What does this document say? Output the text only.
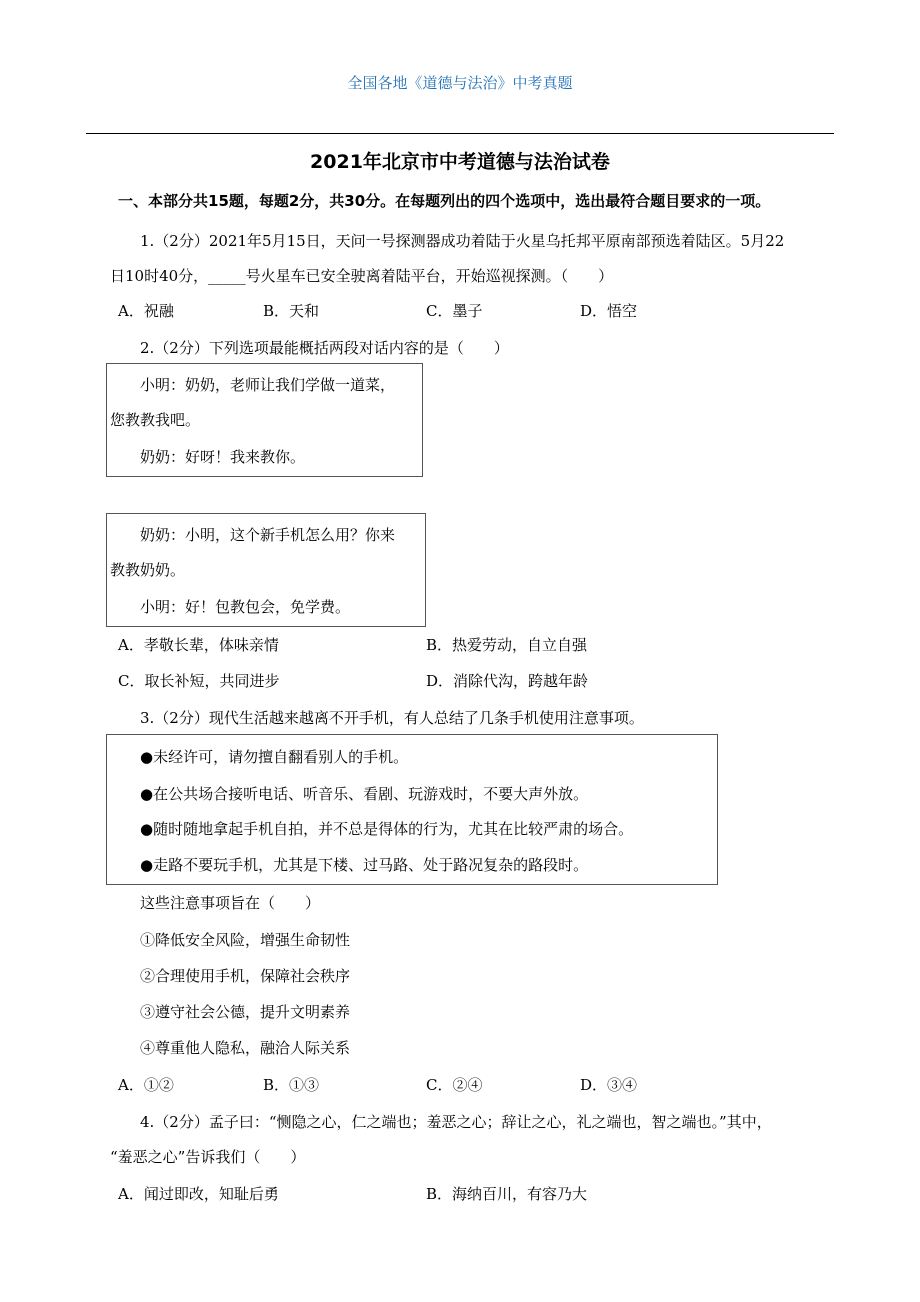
全国各地《道德与法治》中考真题
2021年北京市中考道德与法治试卷
一、本部分共15题，每题2分，共30分。在每题列出的四个选项中，选出最符合题目要求的一项。
1.（2分）2021年5月15日，天问一号探测器成功着陆于火星乌托邦平原南部预选着陆区。5月22
日10时40分，_____号火星车已安全驶离着陆平台，开始巡视探测。（　　）
A．祝融	B．天和	C．墨子	D．悟空
2.（2分）下列选项最能概括两段对话内容的是（　　）
小明：奶奶，老师让我们学做一道菜，
您教教我吧。
奶奶：好呀！我来教你。
奶奶：小明，这个新手机怎么用？你来
教教奶奶。
小明：好！包教包会，免学费。
A．孝敬长辈，体味亲情	B．热爱劳动，自立自强
C．取长补短，共同进步	D．消除代沟，跨越年龄
3.（2分）现代生活越来越离不开手机，有人总结了几条手机使用注意事项。
●未经许可，请勿擅自翻看别人的手机。
●在公共场合接听电话、听音乐、看剧、玩游戏时，不要大声外放。
●随时随地拿起手机自拍，并不总是得体的行为，尤其在比较严肃的场合。
●走路不要玩手机，尤其是下楼、过马路、处于路况复杂的路段时。
这些注意事项旨在（　　）
①降低安全风险，增强生命韧性
②合理使用手机，保障社会秩序
③遵守社会公德，提升文明素养
④尊重他人隐私，融洽人际关系
A．①②	B．①③	C．②④	D．③④
4.（2分）孟子曰：“恻隐之心，仁之端也；羞恶之心；辞让之心，礼之端也，智之端也。”其中，
“羞恶之心”告诉我们（　　）
A．闻过即改，知耻后勇	B．海纳百川，有容乃大
